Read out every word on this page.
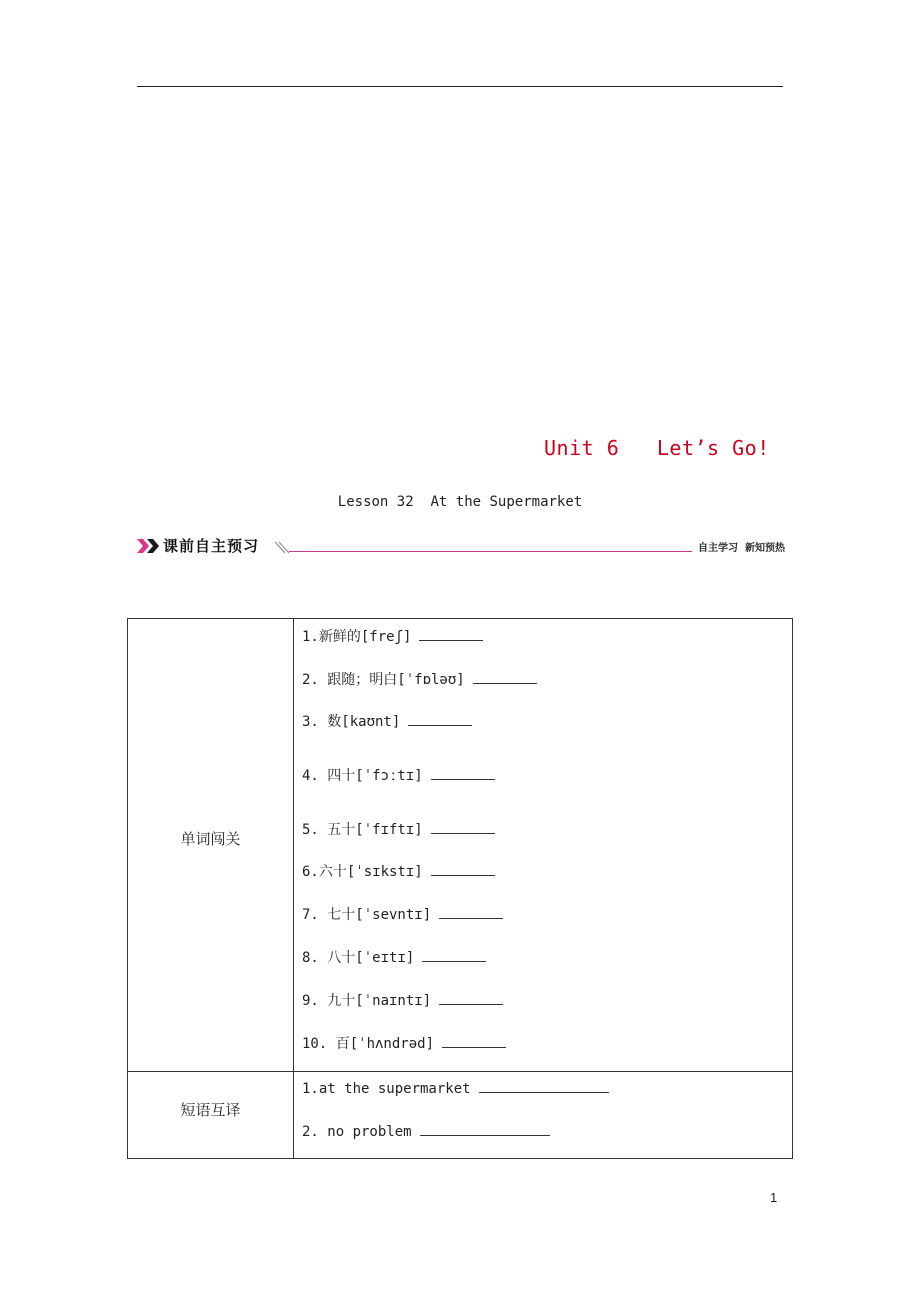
Unit 6   Let’s Go!
Lesson 32  At the Supermarket
课前自主预习	自主学习  新知预热
单词闯关
1.新鲜的[freʃ]
2. 跟随；明白[ˈfɒləʊ]
3. 数[kaʊnt]
4. 四十[ˈfɔːtɪ]
5. 五十[ˈfɪftɪ]
6.六十[ˈsɪkstɪ]
7. 七十[ˈsevntɪ]
8. 八十[ˈeɪtɪ]
9. 九十[ˈnaɪntɪ]
10. 百[ˈhʌndrəd]
短语互译
1.at the supermarket
2. no problem
1
